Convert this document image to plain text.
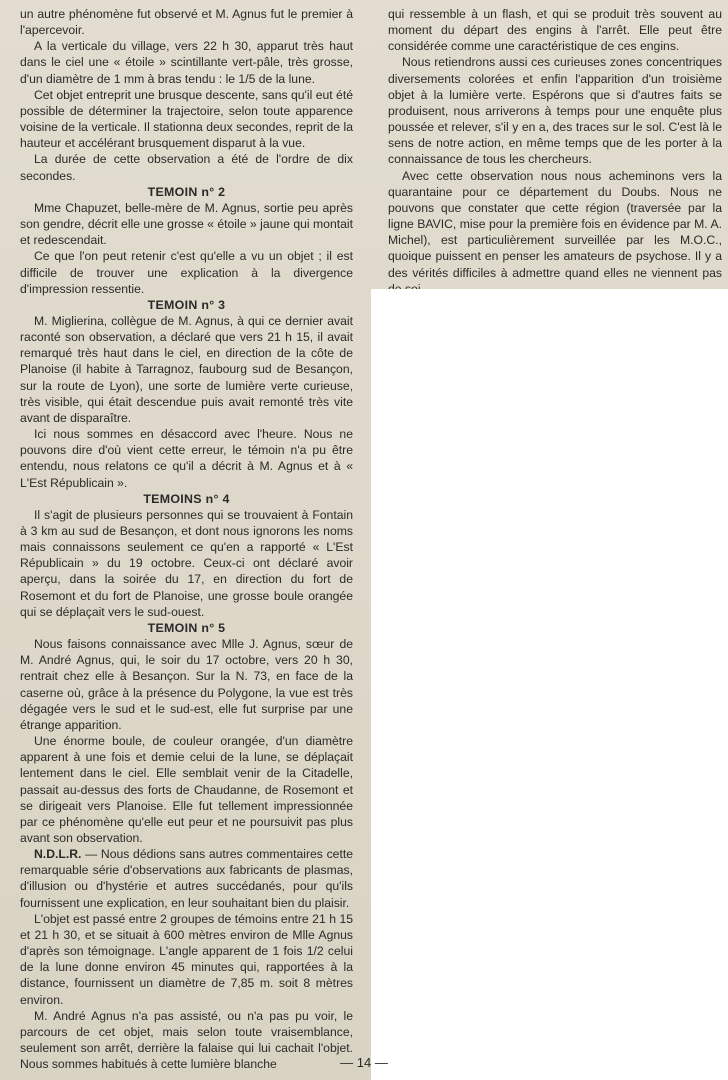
un autre phénomène fut observé et M. Agnus fut le premier à l'apercevoir.

A la verticale du village, vers 22 h 30, apparut très haut dans le ciel une « étoile » scintillante vert-pâle, très grosse, d'un diamètre de 1 mm à bras tendu : le 1/5 de la lune.

Cet objet entreprit une brusque descente, sans qu'il eut été possible de déterminer la trajectoire, selon toute apparence voisine de la verticale. Il stationna deux secondes, reprit de la hauteur et accélérant brusquement disparut à la vue.

La durée de cette observation a été de l'ordre de dix secondes.

TEMOIN n° 2

Mme Chapuzet, belle-mère de M. Agnus, sortie peu après son gendre, décrit elle une grosse « étoile » jaune qui montait et redescendait.

Ce que l'on peut retenir c'est qu'elle a vu un objet ; il est difficile de trouver une explication à la divergence d'impression ressentie.

TEMOIN n° 3

M. Miglierina, collègue de M. Agnus, à qui ce dernier avait raconté son observation, a déclaré que vers 21 h 15, il avait remarqué très haut dans le ciel, en direction de la côte de Planoise (il habite à Tarragnoz, faubourg sud de Besançon, sur la route de Lyon), une sorte de lumière verte curieuse, très visible, qui était descendue puis avait remonté très vite avant de disparaître.

Ici nous sommes en désaccord avec l'heure. Nous ne pouvons dire d'où vient cette erreur, le témoin n'a pu être entendu, nous relatons ce qu'il a décrit à M. Agnus et à « L'Est Républicain ».

TEMOINS n° 4

Il s'agit de plusieurs personnes qui se trouvaient à Fontain à 3 km au sud de Besançon, et dont nous ignorons les noms mais connaissons seulement ce qu'en a rapporté « L'Est Républicain » du 19 octobre. Ceux-ci ont déclaré avoir aperçu, dans la soirée du 17, en direction du fort de Rosemont et du fort de Planoise, une grosse boule orangée qui se déplaçait vers le sud-ouest.

TEMOIN n° 5

Nous faisons connaissance avec Mlle J. Agnus, sœur de M. André Agnus, qui, le soir du 17 octobre, vers 20 h 30, rentrait chez elle à Besançon. Sur la N. 73, en face de la caserne où, grâce à la présence du Polygone, la vue est très dégagée vers le sud et le sud-est, elle fut surprise par une étrange apparition.

Une énorme boule, de couleur orangée, d'un diamètre apparent à une fois et demie celui de la lune, se déplaçait lentement dans le ciel. Elle semblait venir de la Citadelle, passait au-dessus des forts de Chaudanne, de Rosemont et se dirigeait vers Planoise. Elle fut tellement impressionnée par ce phénomène qu'elle eut peur et ne poursuivit pas plus avant son observation.

N.D.L.R. — Nous dédions sans autres commentaires cette remarquable série d'observations aux fabricants de plasmas, d'illusion ou d'hystérie et autres succédanés, pour qu'ils fournissent une explication, en leur souhaitant bien du plaisir.

L'objet est passé entre 2 groupes de témoins entre 21 h 15 et 21 h 30, et se situait à 600 mètres environ de Mlle Agnus d'après son témoignage. L'angle apparent de 1 fois 1/2 celui de la lune donne environ 45 minutes qui, rapportées à la distance, fournissent un diamètre de 7,85 m. soit 8 mètres environ.

M. André Agnus n'a pas assisté, ou n'a pas pu voir, le parcours de cet objet, mais selon toute vraisemblance, seulement son arrêt, derrière la falaise qui lui cachait l'objet. Nous sommes habitués à cette lumière blanche

qui ressemble à un flash, et qui se produit très souvent au moment du départ des engins à l'arrêt. Elle peut être considérée comme une caractéristique de ces engins.

Nous retiendrons aussi ces curieuses zones concentriques diversements colorées et enfin l'apparition d'un troisième objet à la lumière verte. Espérons que si d'autres faits se produisent, nous arriverons à temps pour une enquête plus poussée et relever, s'il y en a, des traces sur le sol. C'est là le sens de notre action, en même temps que de les porter à la connaissance de tous les chercheurs.

Avec cette observation nous nous acheminons vers la quarantaine pour ce département du Doubs. Nous ne pouvons que constater que cette région (traversée par la ligne BAVIC, mise pour la première fois en évidence par M. A. Michel), est particulièrement surveillée par les M.O.C., quoique puissent en penser les amateurs de psychose. Il y a des vérités difficiles à admettre quand elles ne viennent pas

— 14 —
